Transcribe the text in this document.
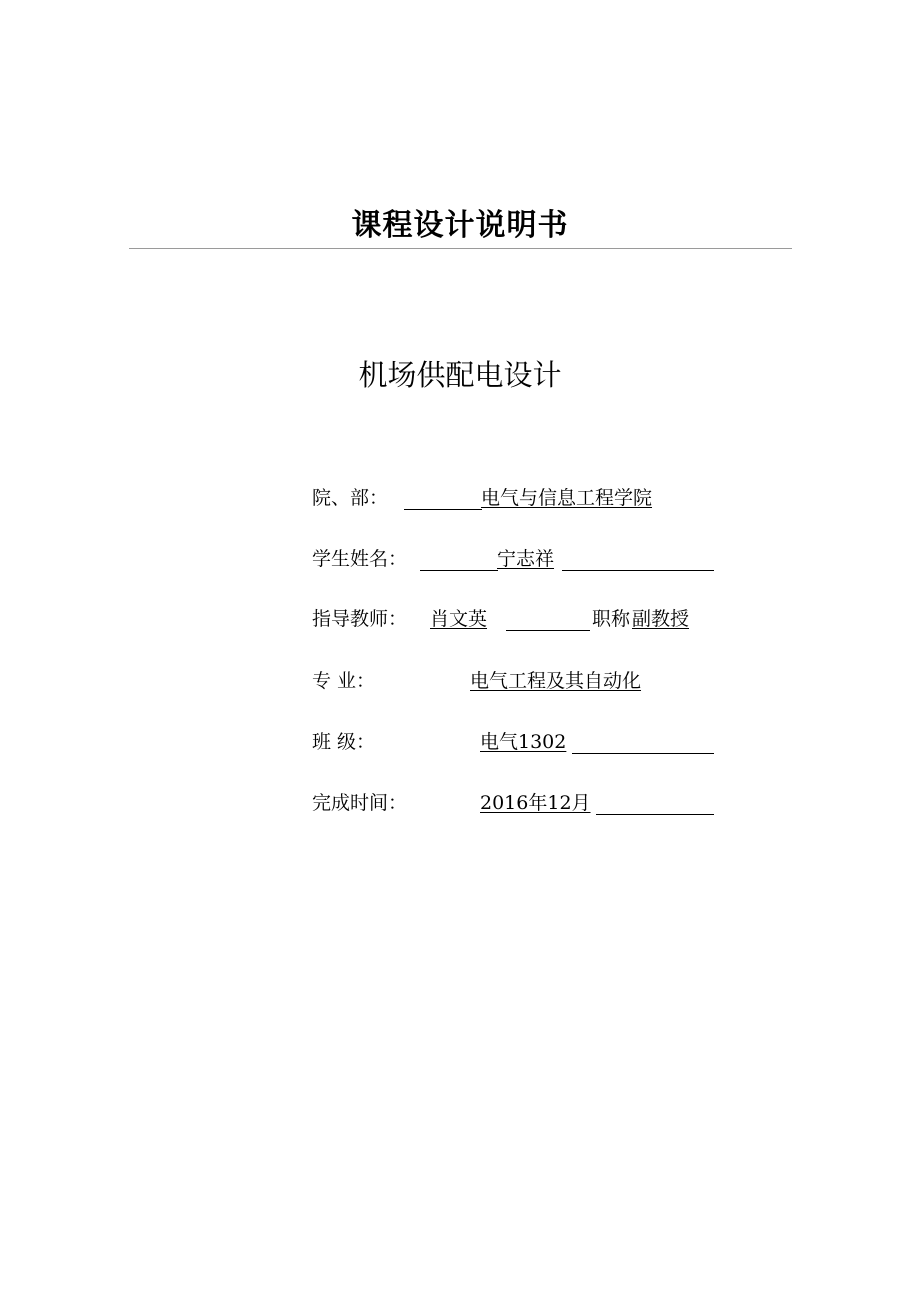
课程设计说明书
机场供配电设计
院、部：	电气与信息工程学院
学生姓名：	宁志祥
指导教师： 肖文英	职称 副教授
专 业：	电气工程及其自动化
班 级：	电气1302
完成时间：	2016年12月
